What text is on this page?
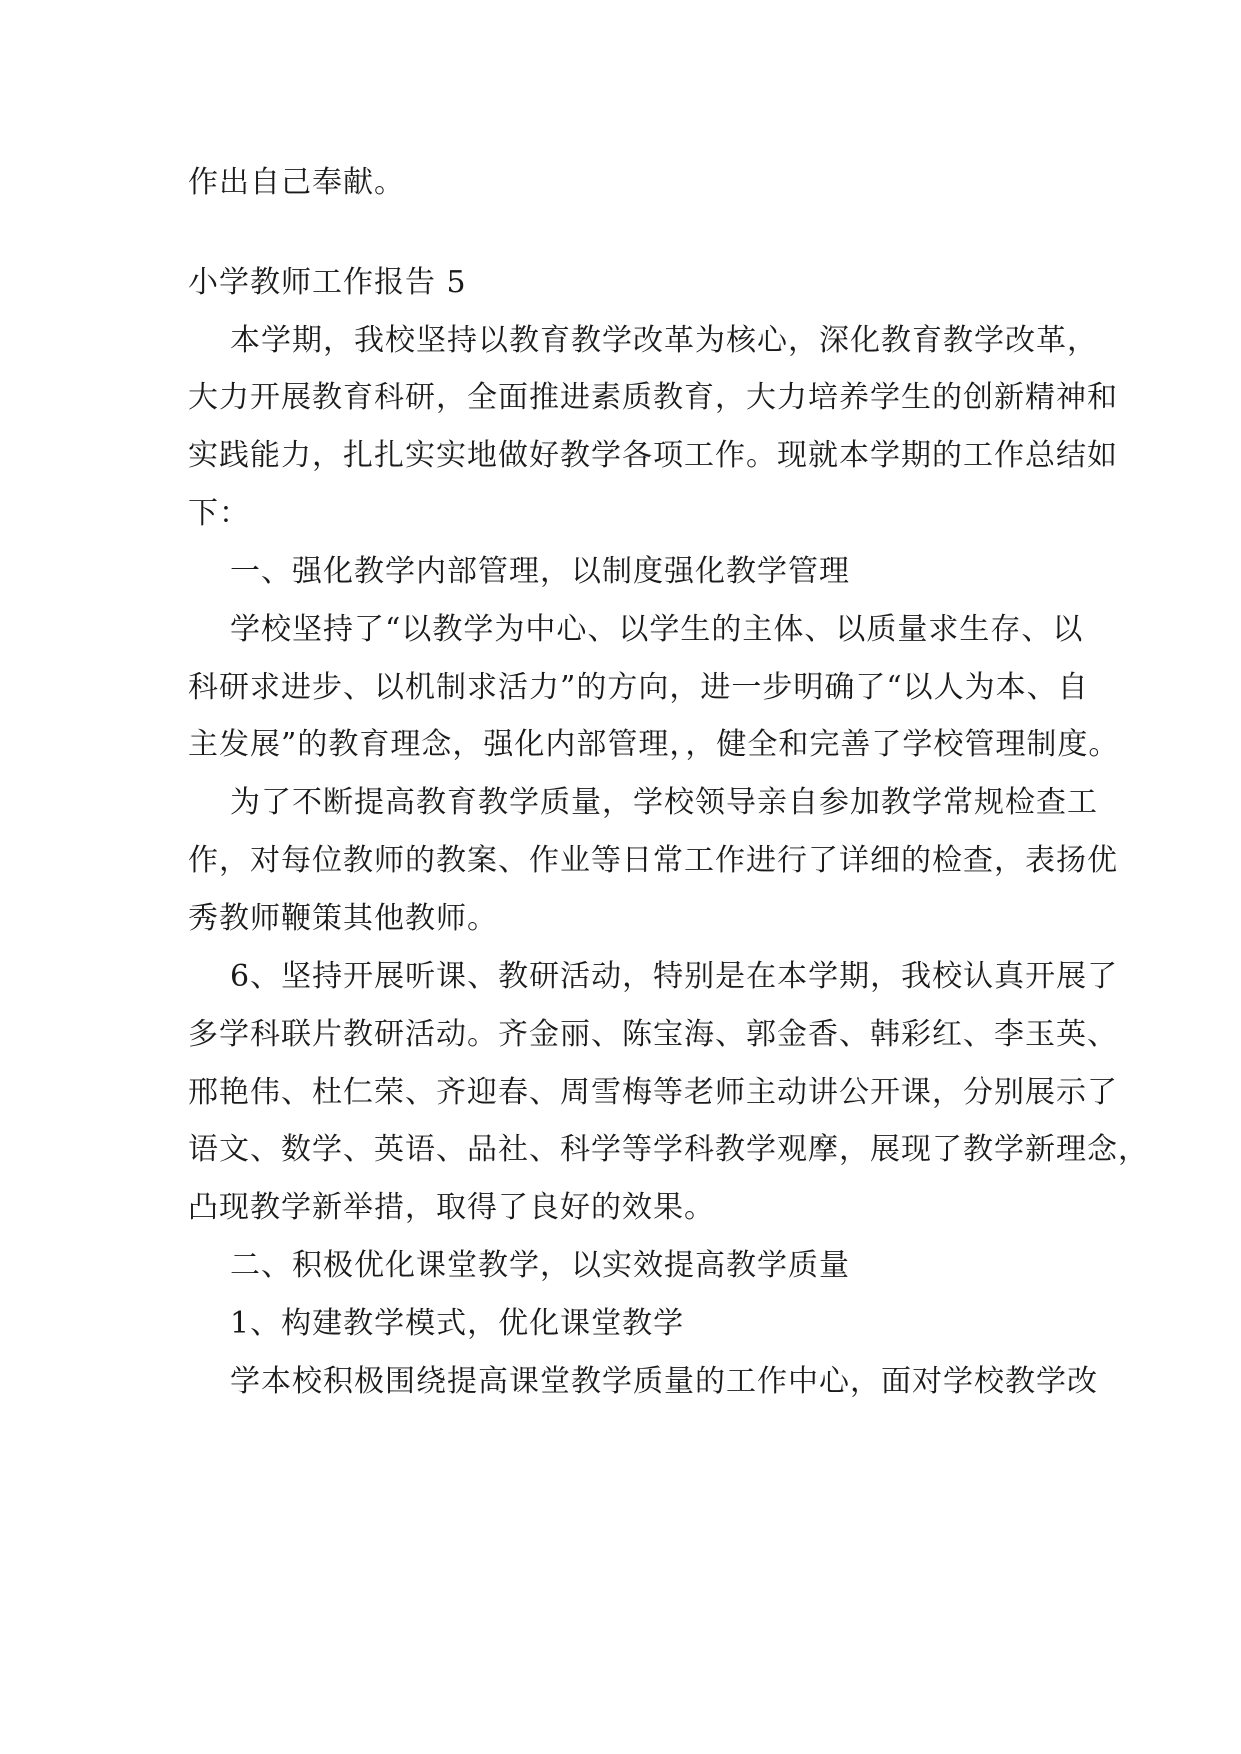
作出自己奉献。
小学教师工作报告 5
本学期，我校坚持以教育教学改革为核心，深化教育教学改革，
大力开展教育科研，全面推进素质教育，大力培养学生的创新精神和
实践能力，扎扎实实地做好教学各项工作。现就本学期的工作总结如
下：
一、强化教学内部管理，以制度强化教学管理
学校坚持了“以教学为中心、以学生的主体、以质量求生存、以
科研求进步、以机制求活力”的方向，进一步明确了“以人为本、自
主发展”的教育理念，强化内部管理，，健全和完善了学校管理制度。
为了不断提高教育教学质量，学校领导亲自参加教学常规检查工
作，对每位教师的教案、作业等日常工作进行了详细的检查，表扬优
秀教师鞭策其他教师。
6、坚持开展听课、教研活动，特别是在本学期，我校认真开展了
多学科联片教研活动。齐金丽、陈宝海、郭金香、韩彩红、李玉英、
邢艳伟、杜仁荣、齐迎春、周雪梅等老师主动讲公开课，分别展示了
语文、数学、英语、品社、科学等学科教学观摩，展现了教学新理念，
凸现教学新举措，取得了良好的效果。
二、积极优化课堂教学，以实效提高教学质量
1、构建教学模式，优化课堂教学
学本校积极围绕提高课堂教学质量的工作中心，面对学校教学改
